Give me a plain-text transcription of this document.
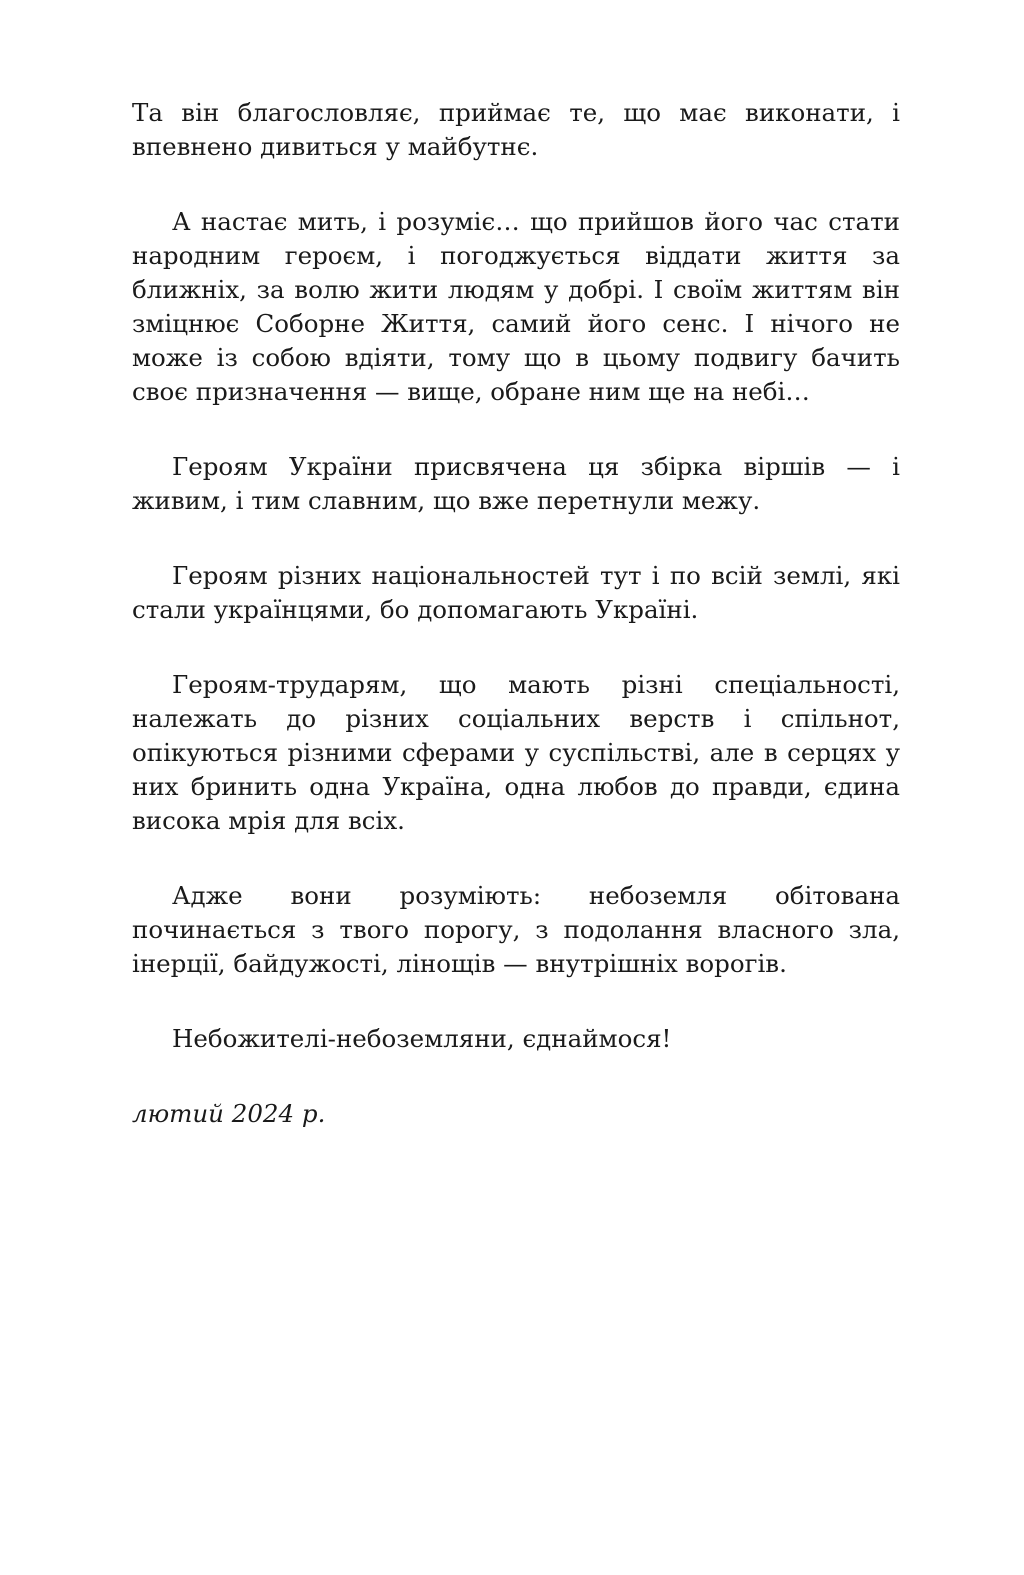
Та він благословляє, приймає те, що має виконати, і впевнено дивиться у майбутнє.

А настає мить, і розуміє… що прийшов його час стати народним героєм, і погоджується віддати життя за ближніх, за волю жити людям у добрі. І своїм життям він зміцнює Соборне Життя, самий його сенс. І нічого не може із собою вдіяти, тому що в цьому подвигу бачить своє призначення — вище, обране ним ще на небі…

Героям України присвячена ця збірка віршів — і живим, і тим славним, що вже перетнули межу.

Героям різних національностей тут і по всій землі, які стали українцями, бо допомагають Україні.

Героям-трударям, що мають різні спеціальності, належать до різних соціальних верств і спільнот, опікуються різними сферами у суспільстві, але в серцях у них бринить одна Україна, одна любов до правди, єдина висока мрія для всіх.

Адже вони розуміють: небоземля обітована починається з твого порогу, з подолання власного зла, інерції, байдужості, лінощів — внутрішніх ворогів.

Небожителі-небоземляни, єднаймося!

лютий 2024 р.
